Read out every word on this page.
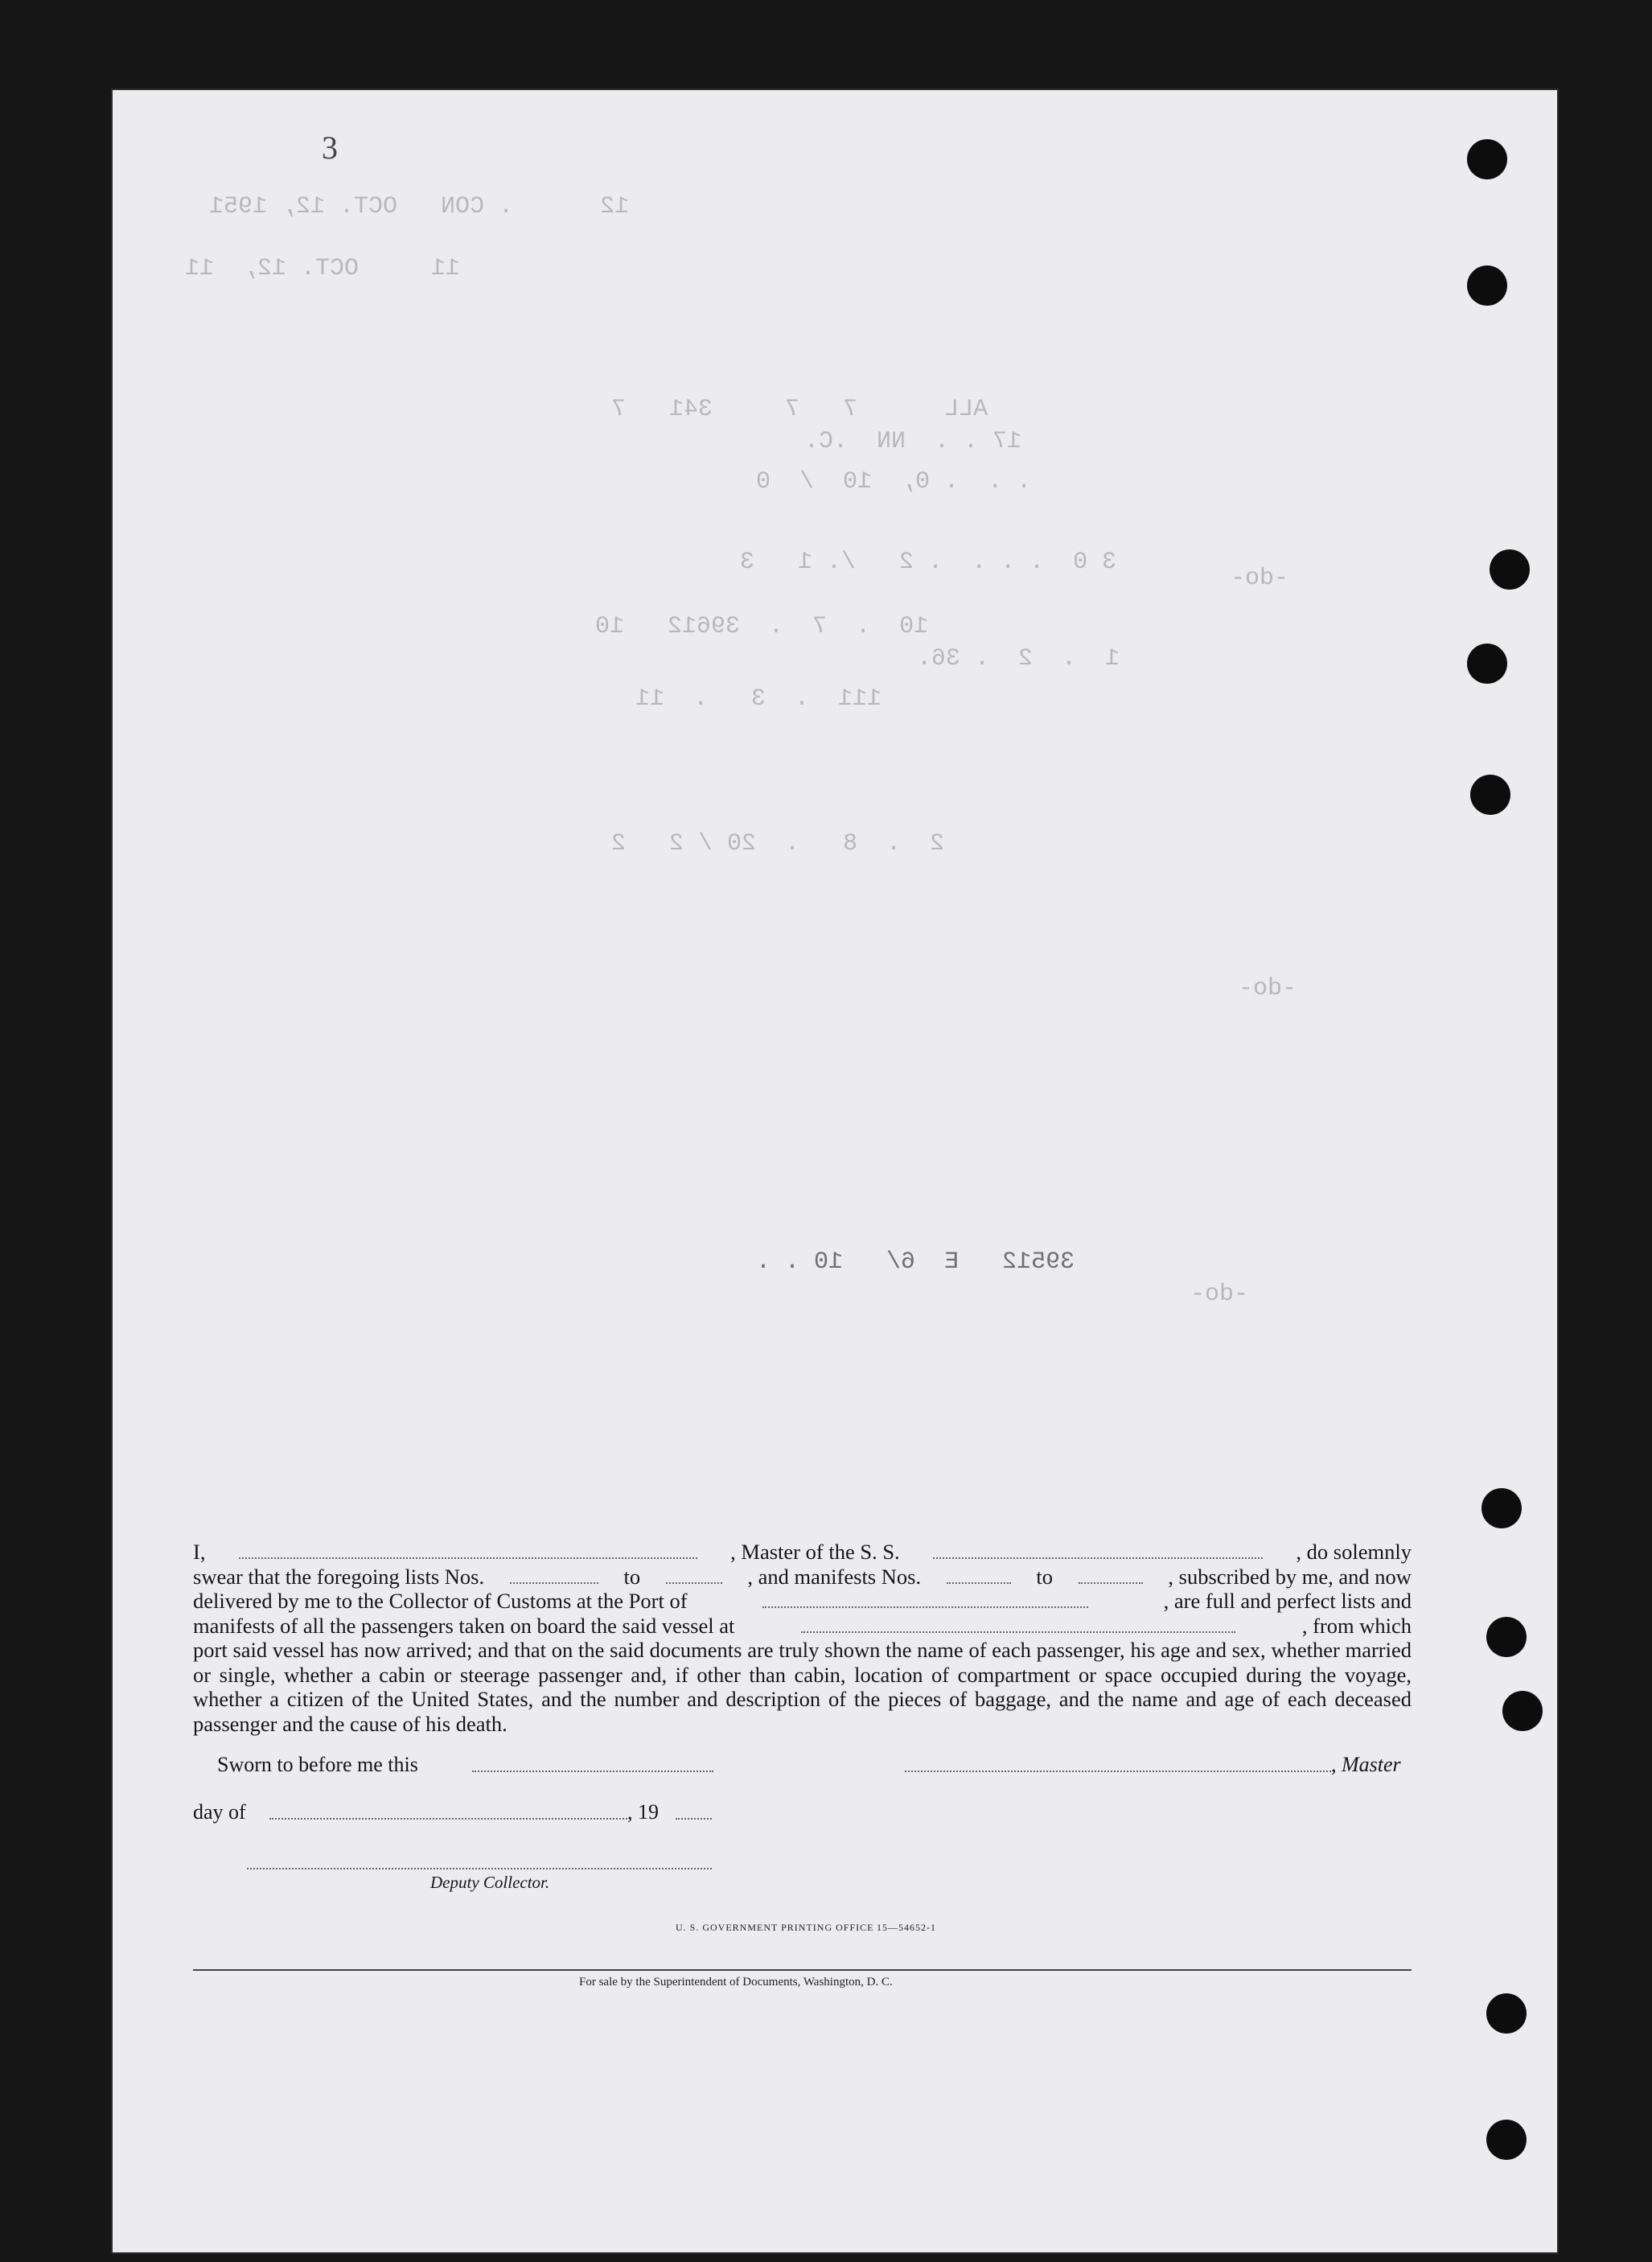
3
12      . CON   OCT. 12, 1951
11     OCT. 12,  11
ALL      7   7     341   7
17 . .  NN  .C.
. .  . 0,  10  /  0
3 0  . . .  . 2   /. 1   3
-do-
10  .  7  .  39612   10
1  .  2  . 36.
111  .  3   .  11
2  .  8   .  20 / 2   2
-do-
39512   E  6/   10 . .
-do-
I,	, Master of the S. S.	, do solemnly
swear that the foregoing lists Nos.	to	, and manifests Nos.	to	, subscribed by me, and now
delivered by me to the Collector of Customs at the Port of	, are full and perfect lists and
manifests of all the passengers taken on board the said vessel at	, from which
port said vessel has now arrived; and that on the said documents are truly shown the name of each passenger, his age and sex, whether married or single, whether a cabin or steerage passenger and, if other than cabin, location of compartment or space occupied during the voyage, whether a citizen of the United States, and the number and description of the pieces of baggage, and the name and age of each deceased passenger and the cause of his death.
Sworn to before me this	, Master
day of	, 19
Deputy Collector.
U. S. GOVERNMENT PRINTING OFFICE 15—54652-1
For sale by the Superintendent of Documents, Washington, D. C.
